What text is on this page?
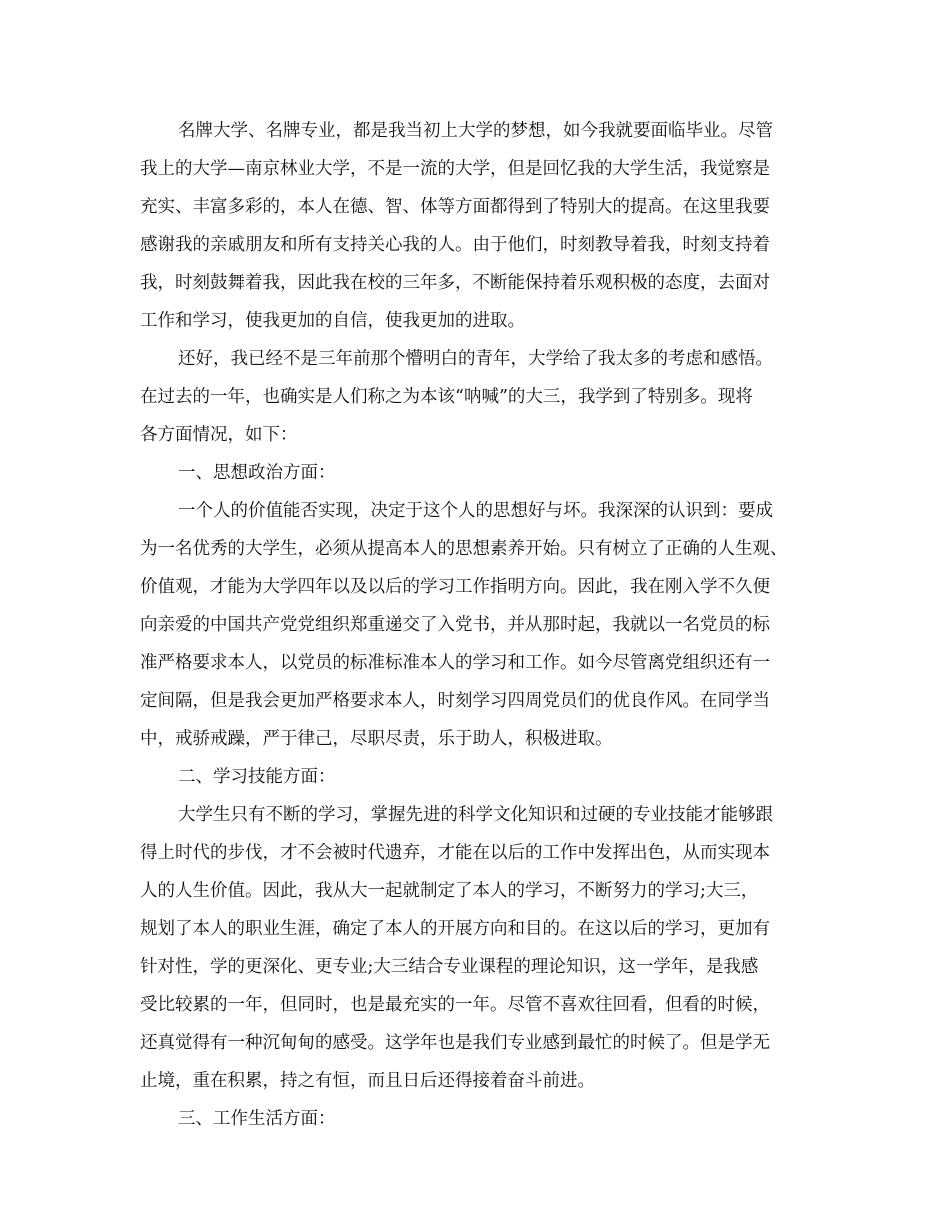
名牌大学、名牌专业，都是我当初上大学的梦想，如今我就要面临毕业。尽管
我上的大学—南京林业大学，不是一流的大学，但是回忆我的大学生活，我觉察是
充实、丰富多彩的，本人在德、智、体等方面都得到了特别大的提高。在这里我要
感谢我的亲戚朋友和所有支持关心我的人。由于他们，时刻教导着我，时刻支持着
我，时刻鼓舞着我，因此我在校的三年多，不断能保持着乐观积极的态度，去面对
工作和学习，使我更加的自信，使我更加的进取。
还好，我已经不是三年前那个懵明白的青年，大学给了我太多的考虑和感悟。
在过去的一年，也确实是人们称之为本该“呐喊”的大三，我学到了特别多。现将
各方面情况，如下：
一、思想政治方面：
一个人的价值能否实现，决定于这个人的思想好与坏。我深深的认识到：要成
为一名优秀的大学生，必须从提高本人的思想素养开始。只有树立了正确的人生观、
价值观，才能为大学四年以及以后的学习工作指明方向。因此，我在刚入学不久便
向亲爱的中国共产党党组织郑重递交了入党书，并从那时起，我就以一名党员的标
准严格要求本人，以党员的标准标准本人的学习和工作。如今尽管离党组织还有一
定间隔，但是我会更加严格要求本人，时刻学习四周党员们的优良作风。在同学当
中，戒骄戒躁，严于律己，尽职尽责，乐于助人，积极进取。
二、学习技能方面：
大学生只有不断的学习，掌握先进的科学文化知识和过硬的专业技能才能够跟
得上时代的步伐，才不会被时代遗弃，才能在以后的工作中发挥出色，从而实现本
人的人生价值。因此，我从大一起就制定了本人的学习，不断努力的学习;大三，
规划了本人的职业生涯，确定了本人的开展方向和目的。在这以后的学习，更加有
针对性，学的更深化、更专业;大三结合专业课程的理论知识，这一学年，是我感
受比较累的一年，但同时，也是最充实的一年。尽管不喜欢往回看，但看的时候，
还真觉得有一种沉甸甸的感受。这学年也是我们专业感到最忙的时候了。但是学无
止境，重在积累，持之有恒，而且日后还得接着奋斗前进。
三、工作生活方面：
